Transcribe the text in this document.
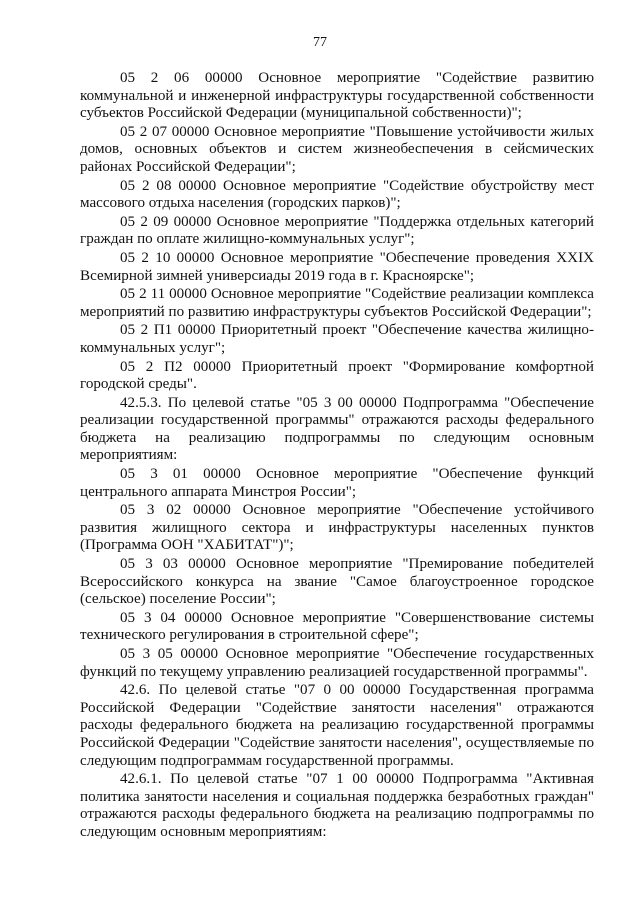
77

05 2 06 00000 Основное мероприятие "Содействие развитию коммунальной и инженерной инфраструктуры государственной собственности субъектов Российской Федерации (муниципальной собственности)";

05 2 07 00000 Основное мероприятие "Повышение устойчивости жилых домов, основных объектов и систем жизнеобеспечения в сейсмических районах Российской Федерации";

05 2 08 00000 Основное мероприятие "Содействие обустройству мест массового отдыха населения (городских парков)";

05 2 09 00000 Основное мероприятие "Поддержка отдельных категорий граждан по оплате жилищно-коммунальных услуг";

05 2 10 00000 Основное мероприятие "Обеспечение проведения XXIX Всемирной зимней универсиады 2019 года в г. Красноярске";

05 2 11 00000 Основное мероприятие "Содействие реализации комплекса мероприятий по развитию инфраструктуры субъектов Российской Федерации";

05 2 П1 00000 Приоритетный проект "Обеспечение качества жилищно-коммунальных услуг";

05 2 П2 00000 Приоритетный проект "Формирование комфортной городской среды".

42.5.3. По целевой статье "05 3 00 00000 Подпрограмма "Обеспечение реализации государственной программы" отражаются расходы федерального бюджета на реализацию подпрограммы по следующим основным мероприятиям:

05 3 01 00000 Основное мероприятие "Обеспечение функций центрального аппарата Минстроя России";

05 3 02 00000 Основное мероприятие "Обеспечение устойчивого развития жилищного сектора и инфраструктуры населенных пунктов (Программа ООН "ХАБИТАТ")";

05 3 03 00000 Основное мероприятие "Премирование победителей Всероссийского конкурса на звание "Самое благоустроенное городское (сельское) поселение России";

05 3 04 00000 Основное мероприятие "Совершенствование системы технического регулирования в строительной сфере";

05 3 05 00000 Основное мероприятие "Обеспечение государственных функций по текущему управлению реализацией государственной программы".

42.6. По целевой статье "07 0 00 00000 Государственная программа Российской Федерации "Содействие занятости населения" отражаются расходы федерального бюджета на реализацию государственной программы Российской Федерации "Содействие занятости населения", осуществляемые по следующим подпрограммам государственной программы.

42.6.1. По целевой статье "07 1 00 00000 Подпрограмма "Активная политика занятости населения и социальная поддержка безработных граждан" отражаются расходы федерального бюджета на реализацию подпрограммы по следующим основным мероприятиям:
